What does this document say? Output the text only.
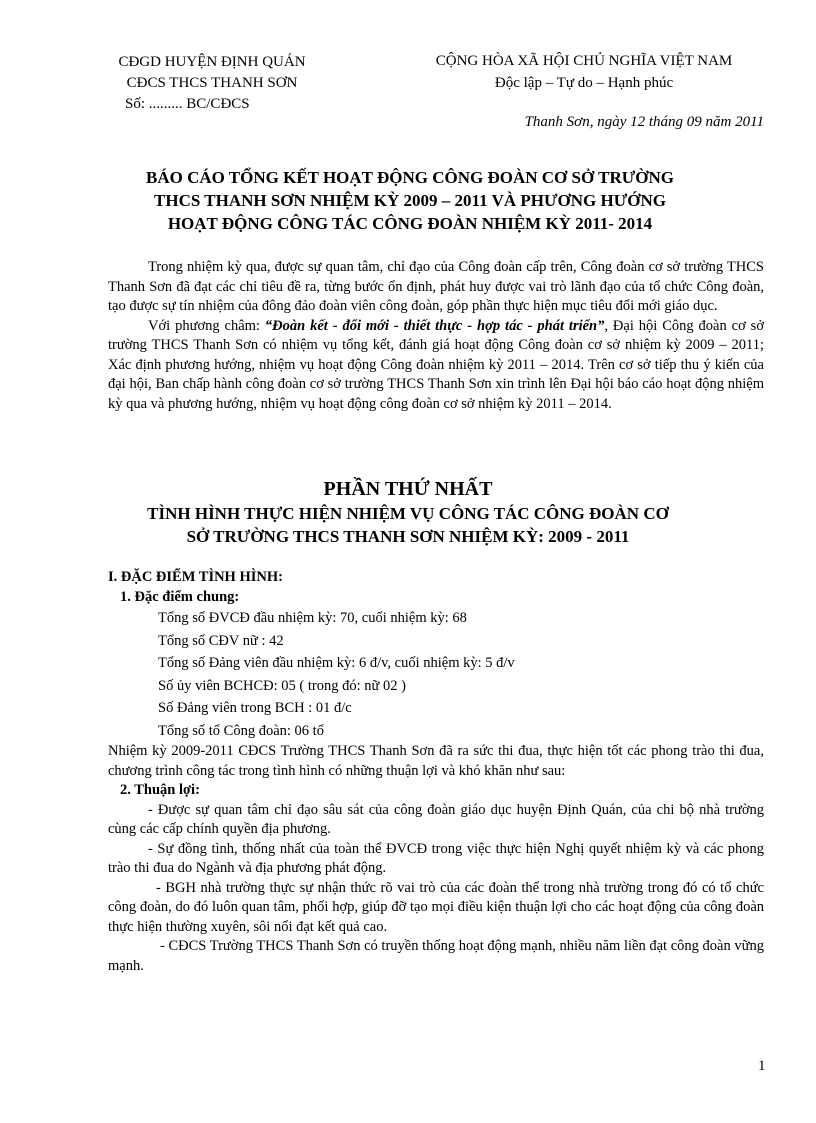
CĐGD HUYỆN ĐỊNH QUÁN
CĐCS THCS THANH SƠN
Số: ......... BC/CĐCS
CỘNG HÒA XÃ HỘI CHỦ NGHĨA VIỆT NAM
Độc lập – Tự do – Hạnh phúc
Thanh Sơn, ngày 12 tháng 09 năm 2011
BÁO CÁO TỔNG KẾT HOẠT ĐỘNG CÔNG ĐOÀN CƠ SỞ TRƯỜNG
THCS THANH SƠN NHIỆM KỲ 2009 – 2011 VÀ PHƯƠNG HƯỚNG
HOẠT ĐỘNG CÔNG TÁC CÔNG ĐOÀN NHIỆM KỲ 2011- 2014

Trong nhiệm kỳ qua, được sự quan tâm, chỉ đạo của Công đoàn cấp trên, Công đoàn cơ sở trường THCS Thanh Sơn đã đạt các chỉ tiêu đề ra, từng bước ổn định, phát huy được vai trò lãnh đạo của tổ chức Công đoàn, tạo được sự tín nhiệm của đông đảo đoàn viên công đoàn, góp phần thực hiện mục tiêu đổi mới giáo dục.

Với phương châm: “Đoàn kết - đổi mới - thiết thực - hợp tác - phát triển”, Đại hội Công đoàn cơ sở trường THCS Thanh Sơn có nhiệm vụ tổng kết, đánh giá hoạt động Công đoàn cơ sở nhiệm kỳ 2009 – 2011; Xác định phương hướng, nhiệm vụ hoạt động Công đoàn nhiệm kỳ 2011 – 2014. Trên cơ sở tiếp thu ý kiến của đại hội, Ban chấp hành công đoàn cơ sở trường THCS Thanh Sơn xin trình lên Đại hội báo cáo hoạt động nhiệm kỳ qua và phương hướng, nhiệm vụ hoạt động công đoàn cơ sở nhiệm kỳ 2011 – 2014.

PHẦN THỨ NHẤT
TÌNH HÌNH THỰC HIỆN NHIỆM VỤ CÔNG TÁC CÔNG ĐOÀN CƠ
SỞ TRƯỜNG THCS THANH SƠN NHIỆM KỲ: 2009 - 2011

I. ĐẶC ĐIỂM TÌNH HÌNH:

1. Đặc điểm chung:

Tổng số ĐVCĐ đầu nhiệm kỳ: 70, cuối nhiệm kỳ: 68

Tổng số CĐV nữ : 42

Tổng số Đảng viên đầu nhiệm kỳ: 6 đ/v, cuối nhiệm kỳ: 5 đ/v

Số ủy viên BCHCĐ: 05 ( trong đó: nữ 02 )

Số Đảng viên trong BCH : 01 đ/c

Tổng số tổ Công đoàn: 06 tổ

Nhiệm kỳ 2009-2011 CĐCS Trường THCS Thanh Sơn đã ra sức thi đua, thực hiện tốt các phong trào thi đua, chương trình công tác trong tình hình có những thuận lợi và khó khăn như sau:

2. Thuận lợi:

- Được sự quan tâm chỉ đạo sâu sát của công đoàn giáo dục huyện Định Quán, của chi bộ nhà trường cùng các cấp chính quyền địa phương.

- Sự đồng tình, thống nhất của toàn thể ĐVCĐ trong việc thực hiện Nghị quyết nhiệm kỳ và các phong trào thi đua do Ngành và địa phương phát động.

- BGH nhà trường thực sự nhận thức rõ vai trò của các đoàn thể trong nhà trường trong đó có tổ chức công đoàn, do đó luôn quan tâm, phối hợp, giúp đỡ tạo mọi điều kiện thuận lợi cho các hoạt động của công đoàn thực hiện thường xuyên, sôi nổi đạt kết quả cao.

- CĐCS Trường THCS Thanh Sơn có truyền thống hoạt động mạnh, nhiều năm liền đạt công đoàn vững mạnh.

1
